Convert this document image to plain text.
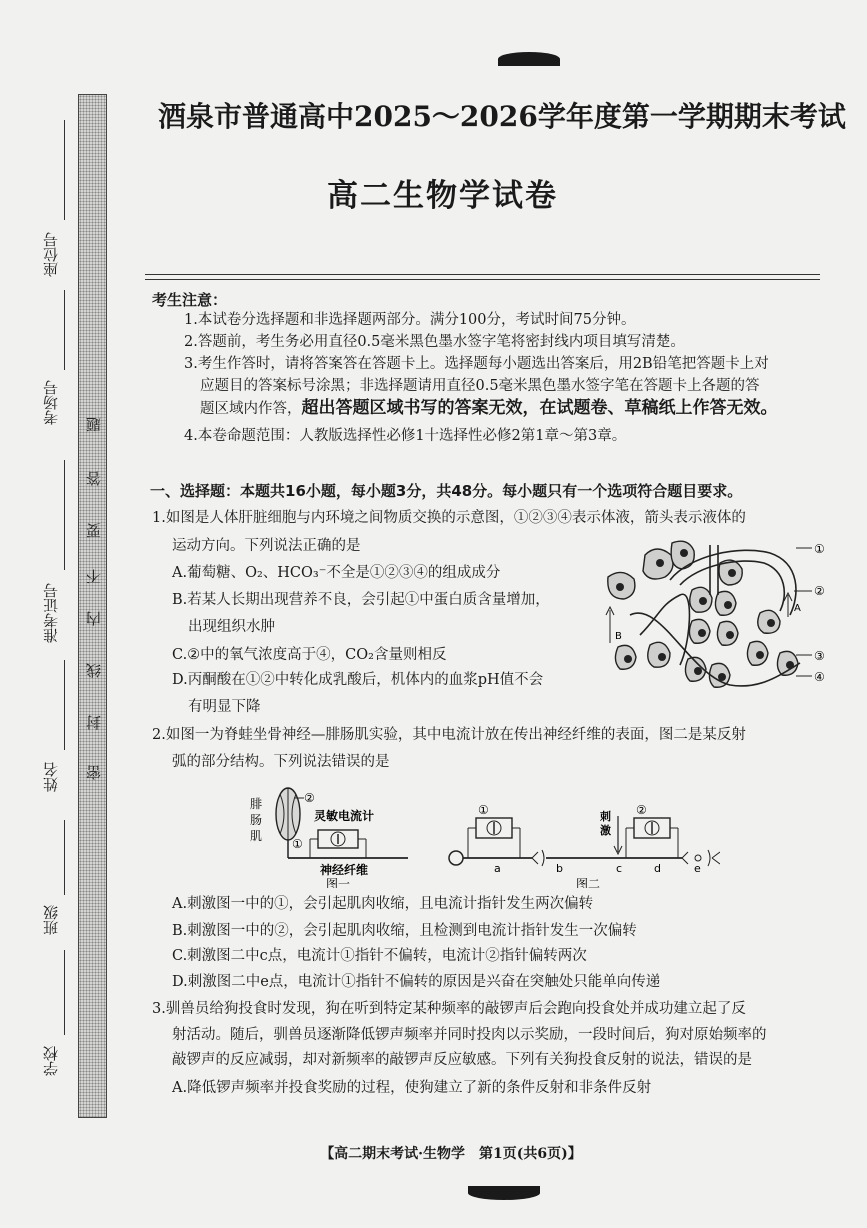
密
封
线
内
不
要
答
题
座位号
考场号
准考证号
姓名
班级
学校
酒泉市普通高中2025～2026学年度第一学期期末考试
高二生物学试卷
考生注意：
1.本试卷分选择题和非选择题两部分。满分100分，考试时间75分钟。
2.答题前，考生务必用直径0.5毫米黑色墨水签字笔将密封线内项目填写清楚。
3.考生作答时，请将答案答在答题卡上。选择题每小题选出答案后，用2B铅笔把答题卡上对
应题目的答案标号涂黑；非选择题请用直径0.5毫米黑色墨水签字笔在答题卡上各题的答
题区域内作答，超出答题区域书写的答案无效，在试题卷、草稿纸上作答无效。
4.本卷命题范围：人教版选择性必修1十选择性必修2第1章～第3章。
一、选择题：本题共16小题，每小题3分，共48分。每小题只有一个选项符合题目要求。
1.如图是人体肝脏细胞与内环境之间物质交换的示意图，①②③④表示体液，箭头表示液体的
运动方向。下列说法正确的是
A.葡萄糖、O₂、HCO₃⁻不全是①②③④的组成成分
B.若某人长期出现营养不良，会引起①中蛋白质含量增加，
出现组织水肿
C.②中的氧气浓度高于④，CO₂含量则相反
D.丙酮酸在①②中转化成乳酸后，机体内的血浆pH值不会
有明显下降
①
②
③
④
A
B
2.如图一为脊蛙坐骨神经—腓肠肌实验，其中电流计放在传出神经纤维的表面，图二是某反射
弧的部分结构。下列说法错误的是
腓
肠
肌
②
①
灵敏电流计
神经纤维
图一
①	②
刺
激
a	b	c	d	e
图二
A.刺激图一中的①，会引起肌肉收缩，且电流计指针发生两次偏转
B.刺激图一中的②，会引起肌肉收缩，且检测到电流计指针发生一次偏转
C.刺激图二中c点，电流计①指针不偏转，电流计②指针偏转两次
D.刺激图二中e点，电流计①指针不偏转的原因是兴奋在突触处只能单向传递
3.驯兽员给狗投食时发现，狗在听到特定某种频率的敲锣声后会跑向投食处并成功建立起了反
射活动。随后，驯兽员逐渐降低锣声频率并同时投肉以示奖励，一段时间后，狗对原始频率的
敲锣声的反应减弱，却对新频率的敲锣声反应敏感。下列有关狗投食反射的说法，错误的是
A.降低锣声频率并投食奖励的过程，使狗建立了新的条件反射和非条件反射
【高二期末考试·生物学　第1页(共6页)】
